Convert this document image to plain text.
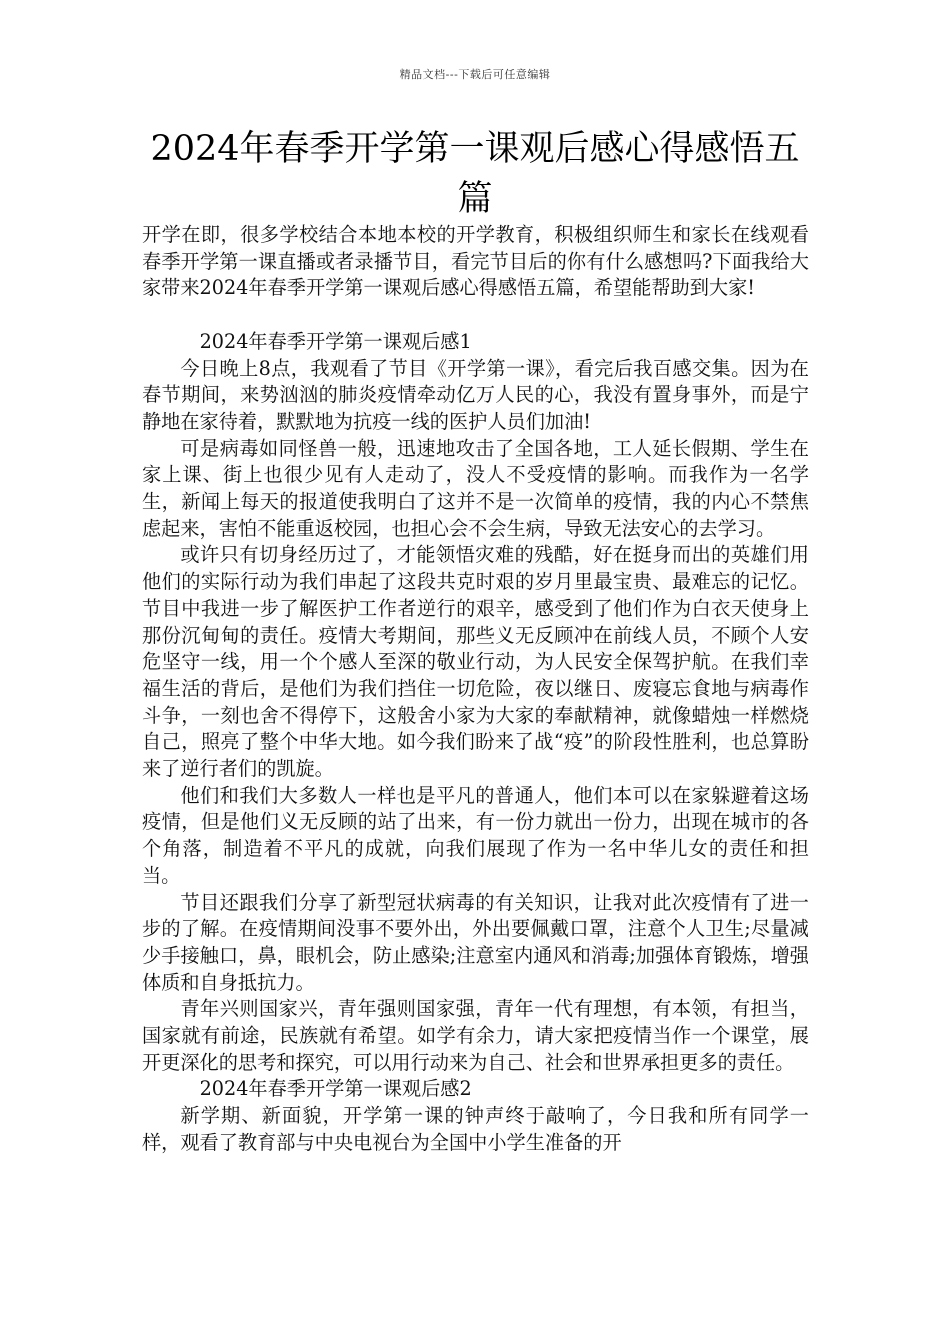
精品文档---下载后可任意编辑
2024年春季开学第一课观后感心得感悟五篇

开学在即，很多学校结合本地本校的开学教育，积极组织师生和家长在线观看春季开学第一课直播或者录播节目，看完节目后的你有什么感想吗?下面我给大家带来2024年春季开学第一课观后感心得感悟五篇，希望能帮助到大家!

2024年春季开学第一课观后感1

今日晚上8点，我观看了节目《开学第一课》，看完后我百感交集。因为在春节期间，来势汹汹的肺炎疫情牵动亿万人民的心，我没有置身事外，而是宁静地在家待着，默默地为抗疫一线的医护人员们加油!

可是病毒如同怪兽一般，迅速地攻击了全国各地，工人延长假期、学生在家上课、街上也很少见有人走动了，没人不受疫情的影响。而我作为一名学生，新闻上每天的报道使我明白了这并不是一次简单的疫情，我的内心不禁焦虑起来，害怕不能重返校园，也担心会不会生病，导致无法安心的去学习。

或许只有切身经历过了，才能领悟灾难的残酷，好在挺身而出的英雄们用他们的实际行动为我们串起了这段共克时艰的岁月里最宝贵、最难忘的记忆。节目中我进一步了解医护工作者逆行的艰辛，感受到了他们作为白衣天使身上那份沉甸甸的责任。疫情大考期间，那些义无反顾冲在前线人员，不顾个人安危坚守一线，用一个个感人至深的敬业行动，为人民安全保驾护航。在我们幸福生活的背后，是他们为我们挡住一切危险，夜以继日、废寝忘食地与病毒作斗争，一刻也舍不得停下，这般舍小家为大家的奉献精神，就像蜡烛一样燃烧自己，照亮了整个中华大地。如今我们盼来了战“疫”的阶段性胜利，也总算盼来了逆行者们的凯旋。

他们和我们大多数人一样也是平凡的普通人，他们本可以在家躲避着这场疫情，但是他们义无反顾的站了出来，有一份力就出一份力，出现在城市的各个角落，制造着不平凡的成就，向我们展现了作为一名中华儿女的责任和担当。

节目还跟我们分享了新型冠状病毒的有关知识，让我对此次疫情有了进一步的了解。在疫情期间没事不要外出，外出要佩戴口罩，注意个人卫生;尽量减少手接触口，鼻，眼机会，防止感染;注意室内通风和消毒;加强体育锻炼，增强体质和自身抵抗力。

青年兴则国家兴，青年强则国家强，青年一代有理想，有本领，有担当，国家就有前途，民族就有希望。如学有余力，请大家把疫情当作一个课堂，展开更深化的思考和探究，可以用行动来为自己、社会和世界承担更多的责任。

2024年春季开学第一课观后感2

新学期、新面貌，开学第一课的钟声终于敲响了，今日我和所有同学一样，观看了教育部与中央电视台为全国中小学生准备的开
